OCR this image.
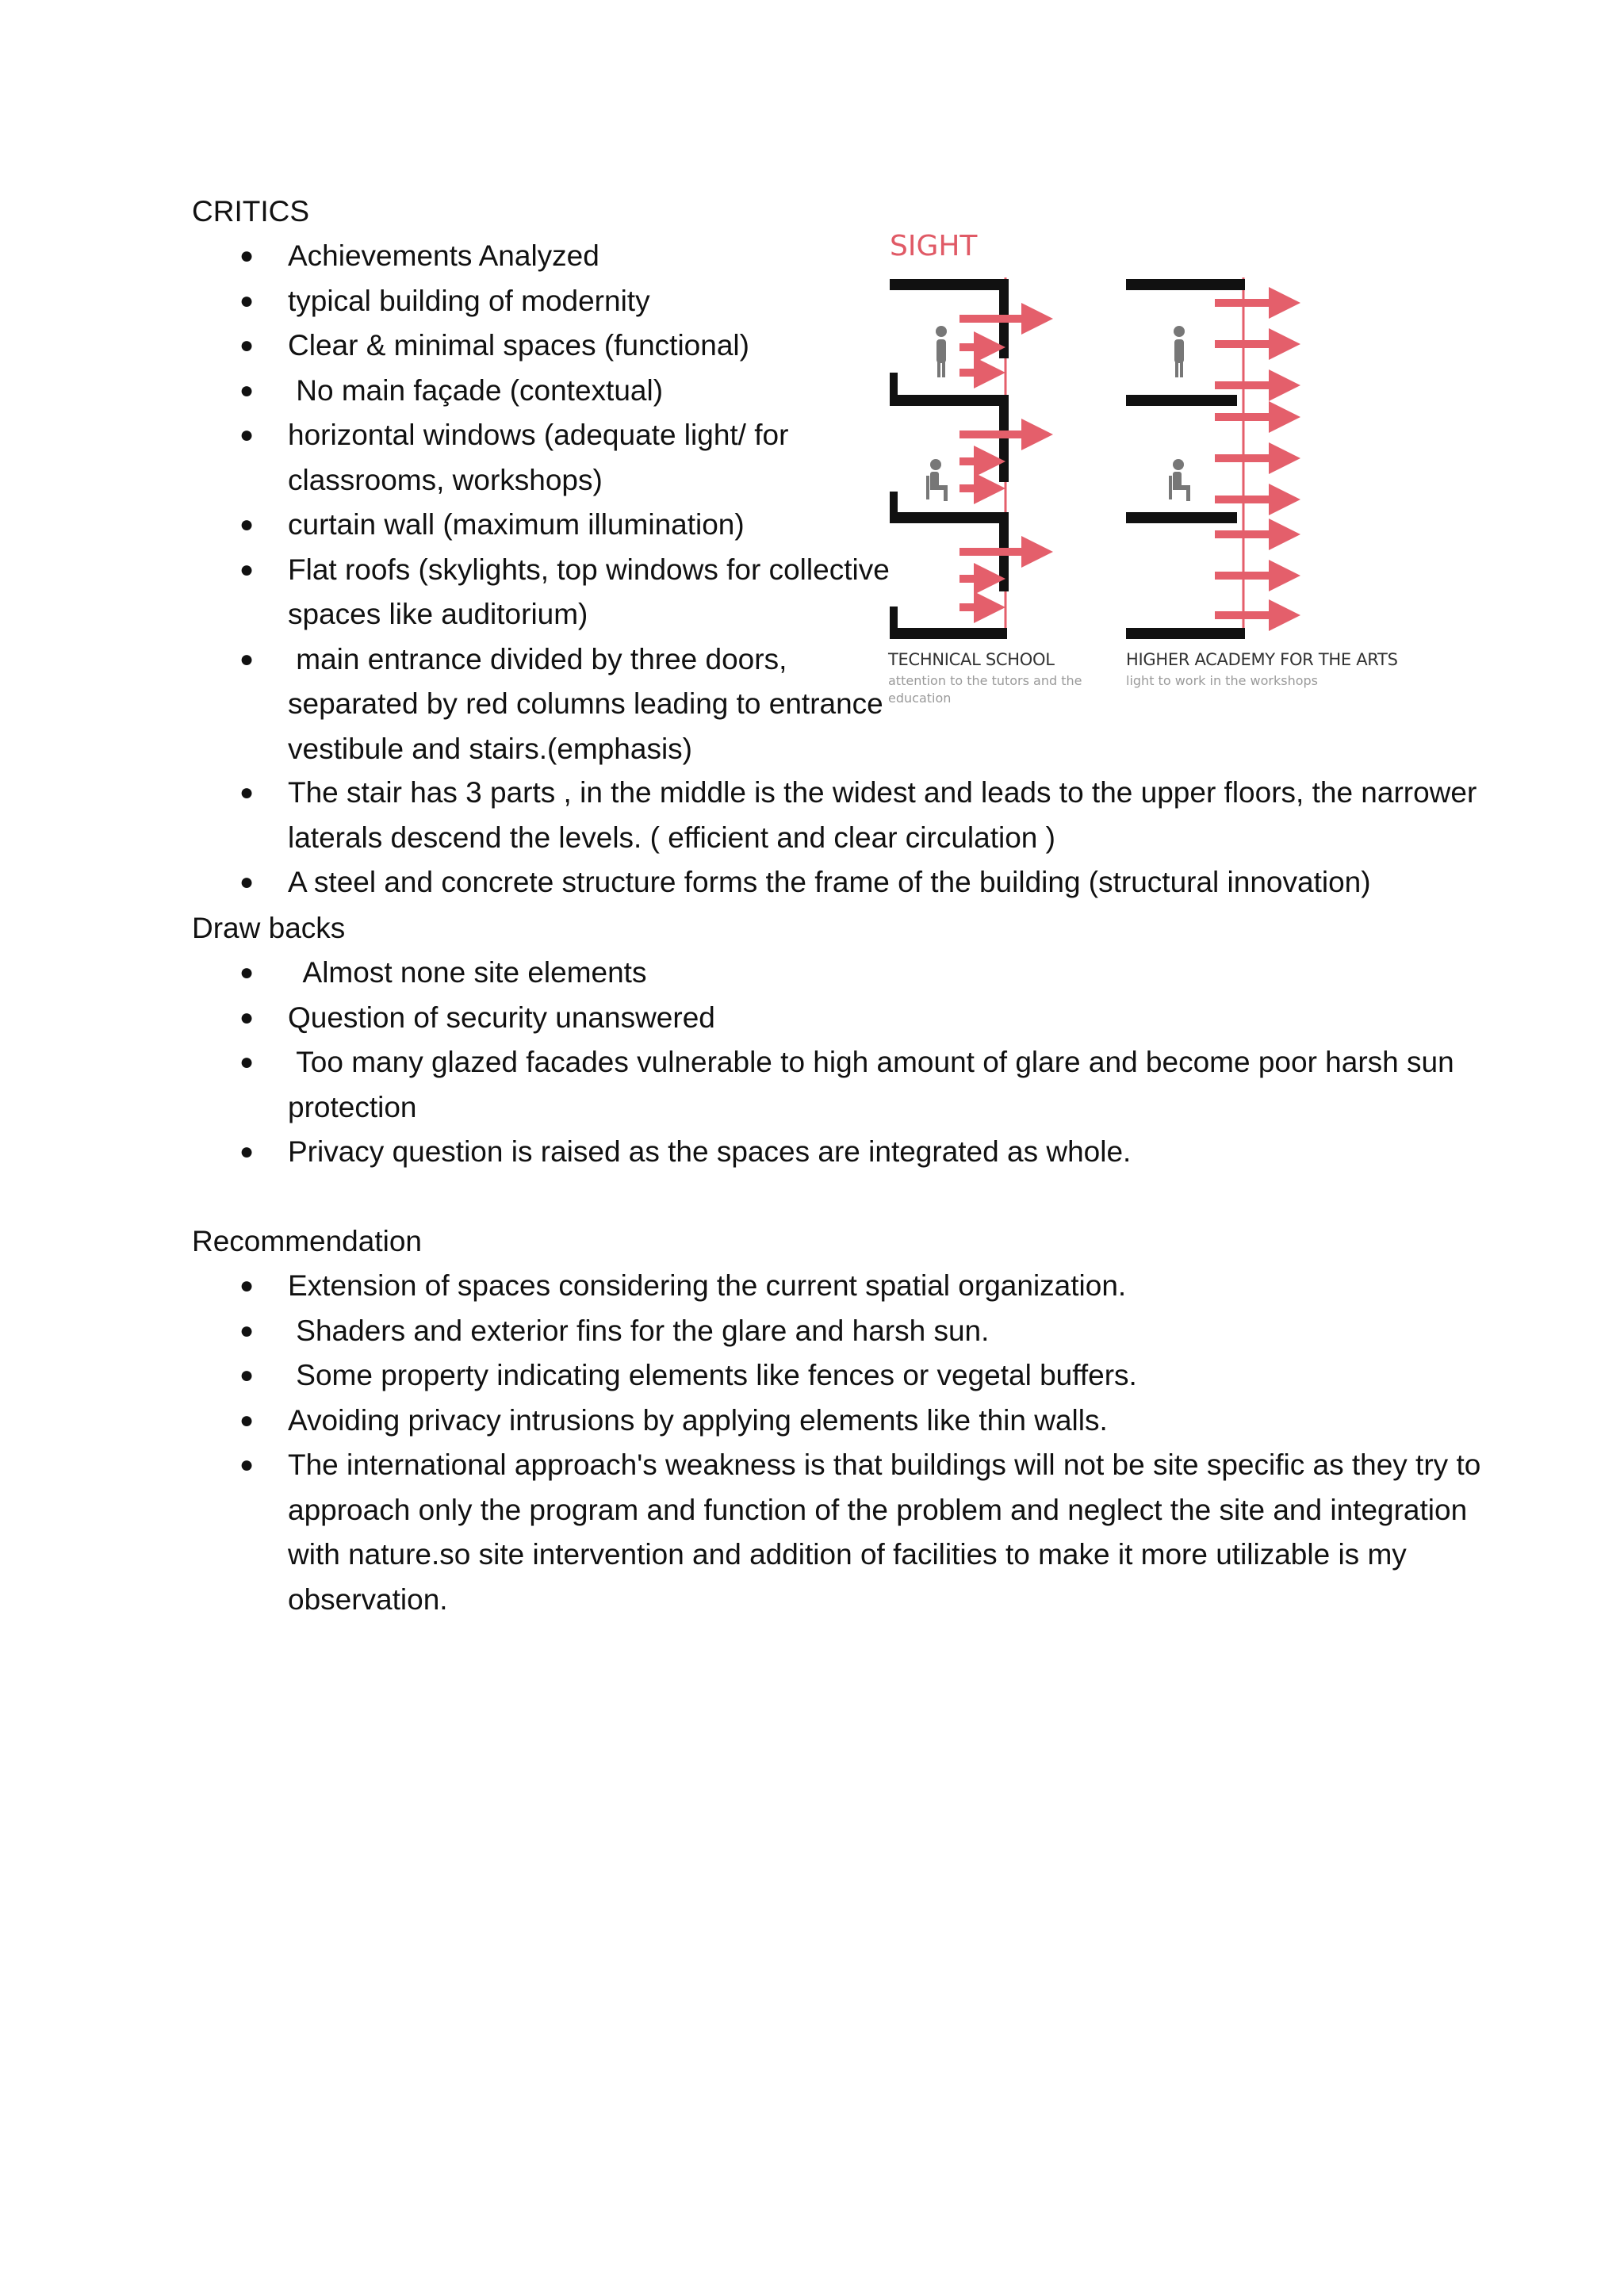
CRITICS
● Achievements Analyzed
● typical building of modernity
● Clear & minimal spaces (functional)
● No main façade (contextual)
● horizontal windows (adequate light/ for classrooms, workshops)
● curtain wall (maximum illumination)
● Flat roofs (skylights, top windows for collective spaces like auditorium)
● main entrance divided by three doors, separated by red columns leading to entrance vestibule and stairs.(emphasis)
● The stair has 3 parts , in the middle is the widest and leads to the upper floors, the narrower laterals descend the levels. ( efficient and clear circulation )
● A steel and concrete structure forms the frame of the building (structural innovation)
Draw backs
● Almost none site elements
● Question of security unanswered
● Too many glazed facades vulnerable to high amount of glare and become poor harsh sun protection
● Privacy question is raised as the spaces are integrated as whole.
Recommendation
● Extension of spaces considering the current spatial organization.
● Shaders and exterior fins for the glare and harsh sun.
● Some property indicating elements like fences or vegetal buffers.
● Avoiding privacy intrusions by applying elements like thin walls.
● The international approach's weakness is that buildings will not be site specific as they try to approach only the program and function of the problem and neglect the site and integration with nature.so site intervention and addition of facilities to make it more utilizable is my observation.
SIGHT
TECHNICAL SCHOOL
attention to the tutors and the
education
HIGHER ACADEMY FOR THE ARTS
light to work in the workshops
